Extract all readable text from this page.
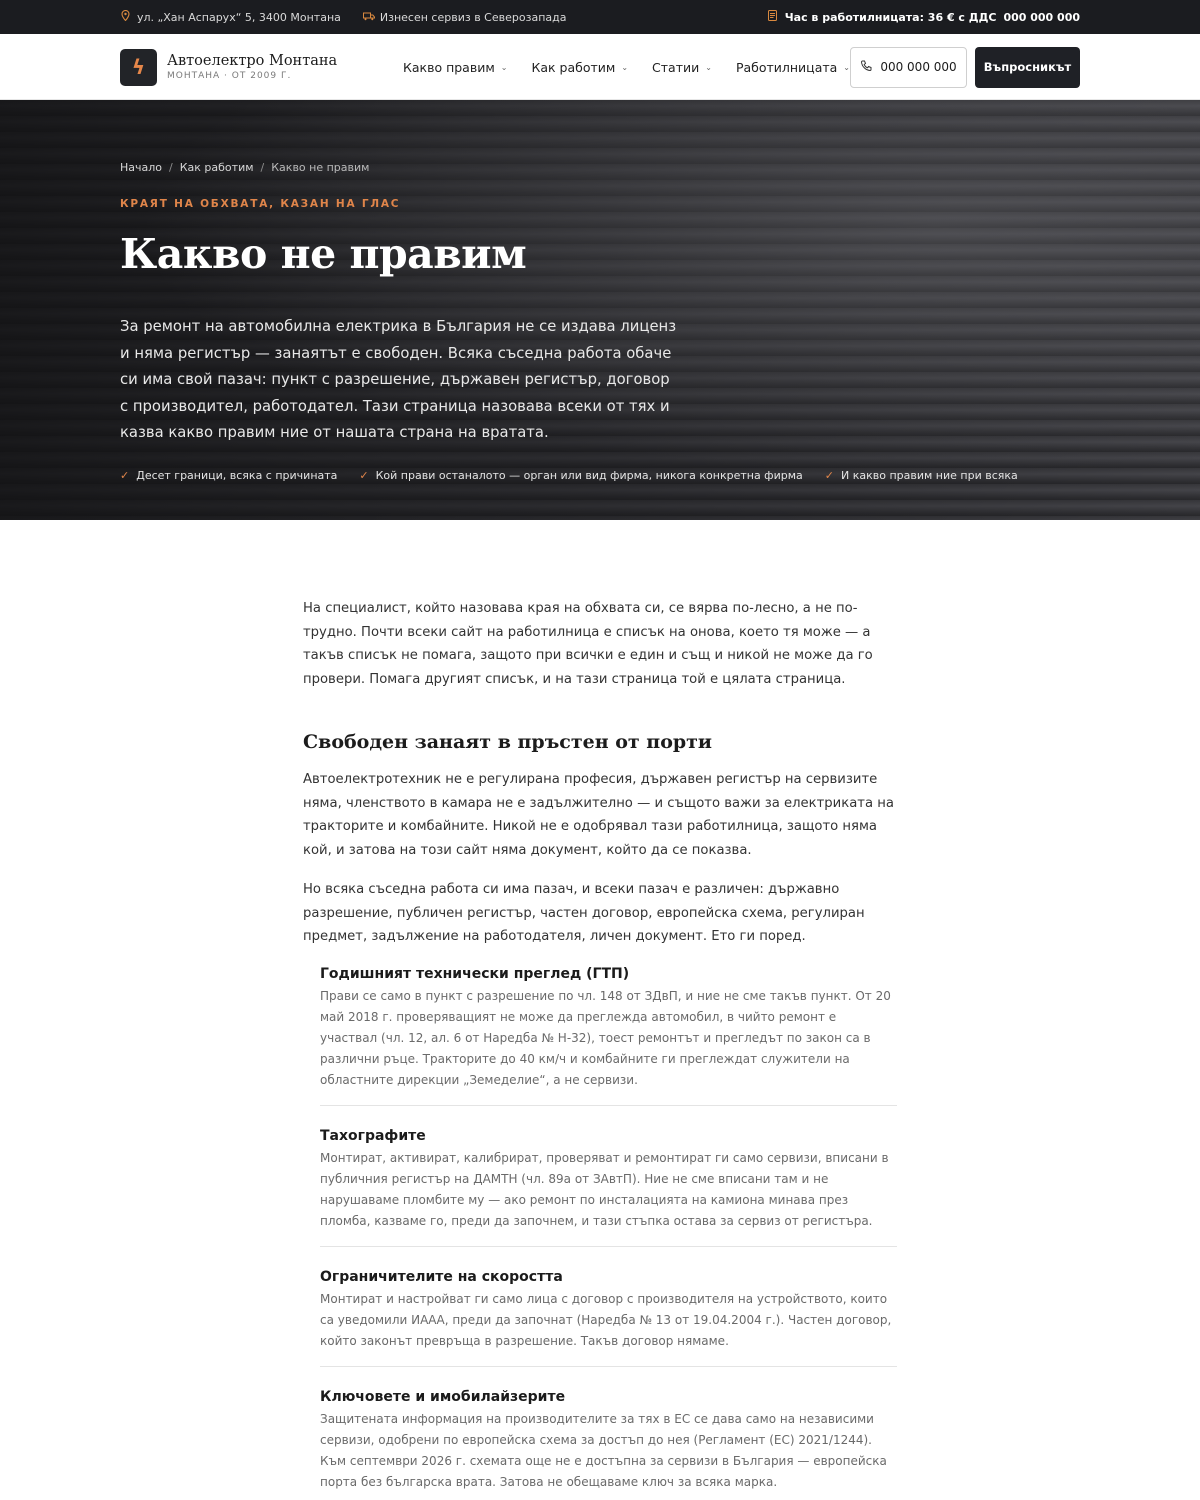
ул. „Хан Аспарух“ 5, 3400 Монтана	Изнесен сервиз в Северозапада	Час в работилницата: 36 € с ДДС 000 000 000
ϟ	Автоелектро Монтана
МОНТАНА · ОТ 2009 Г.
Какво правим ⌄ Как работим ⌄ Статии ⌄ Работилницата ⌄	000 000 000	Въпросникът
Начало / Как работим / Какво не правим
КРАЯТ НА ОБХВАТА, КАЗАН НА ГЛАС
Какво не правим

За ремонт на автомобилна електрика в България не се издава лиценз и няма регистър — занаятът е свободен. Всяка съседна работа обаче си има свой пазач: пункт с разрешение, държавен регистър, договор с производител, работодател. Тази страница назовава всеки от тях и казва какво правим ние от нашата страна на вратата.

✓ Десет граници, всяка с причината ✓ Кой прави останалото — орган или вид фирма, никога конкретна фирма ✓ И какво правим ние при всяка

На специалист, който назовава края на обхвата си, се вярва по-лесно, а не по-трудно. Почти всеки сайт на работилница е списък на онова, което тя може — а такъв списък не помага, защото при всички е един и същ и никой не може да го провери. Помага другият списък, и на тази страница той е цялата страница.

Свободен занаят в пръстен от порти

Автоелектротехник не е регулирана професия, държавен регистър на сервизите няма, членството в камара не е задължително — и същото важи за електриката на тракторите и комбайните. Никой не е одобрявал тази работилница, защото няма кой, и затова на този сайт няма документ, който да се показва.

Но всяка съседна работа си има пазач, и всеки пазач е различен: държавно разрешение, публичен регистър, частен договор, европейска схема, регулиран предмет, задължение на работодателя, личен документ. Ето ги поред.

Годишният технически преглед (ГТП)

Прави се само в пункт с разрешение по чл. 148 от ЗДвП, и ние не сме такъв пункт. От 20 май 2018 г. проверяващият не може да преглежда автомобил, в чийто ремонт е участвал (чл. 12, ал. 6 от Наредба № Н-32), тоест ремонтът и прегледът по закон са в различни ръце. Тракторите до 40 км/ч и комбайните ги преглеждат служители на областните дирекции „Земеделие“, а не сервизи.

Тахографите

Монтират, активират, калибрират, проверяват и ремонтират ги само сервизи, вписани в публичния регистър на ДАМТН (чл. 89а от ЗАвтП). Ние не сме вписани там и не нарушаваме пломбите му — ако ремонт по инсталацията на камиона минава през пломба, казваме го, преди да започнем, и тази стъпка остава за сервиз от регистъра.

Ограничителите на скоростта

Монтират и настройват ги само лица с договор с производителя на устройството, които са уведомили ИААА, преди да започнат (Наредба № 13 от 19.04.2004 г.). Частен договор, който законът превръща в разрешение. Такъв договор нямаме.

Ключовете и имобилайзерите

Защитената информация на производителите за тях в ЕС се дава само на независими сервизи, одобрени по европейска схема за достъп до нея (Регламент (ЕС) 2021/1244). Към септември 2026 г. схемата още не е достъпна за сервизи в България — европейска порта без българска врата. Затова не обещаваме ключ за всяка марка.
